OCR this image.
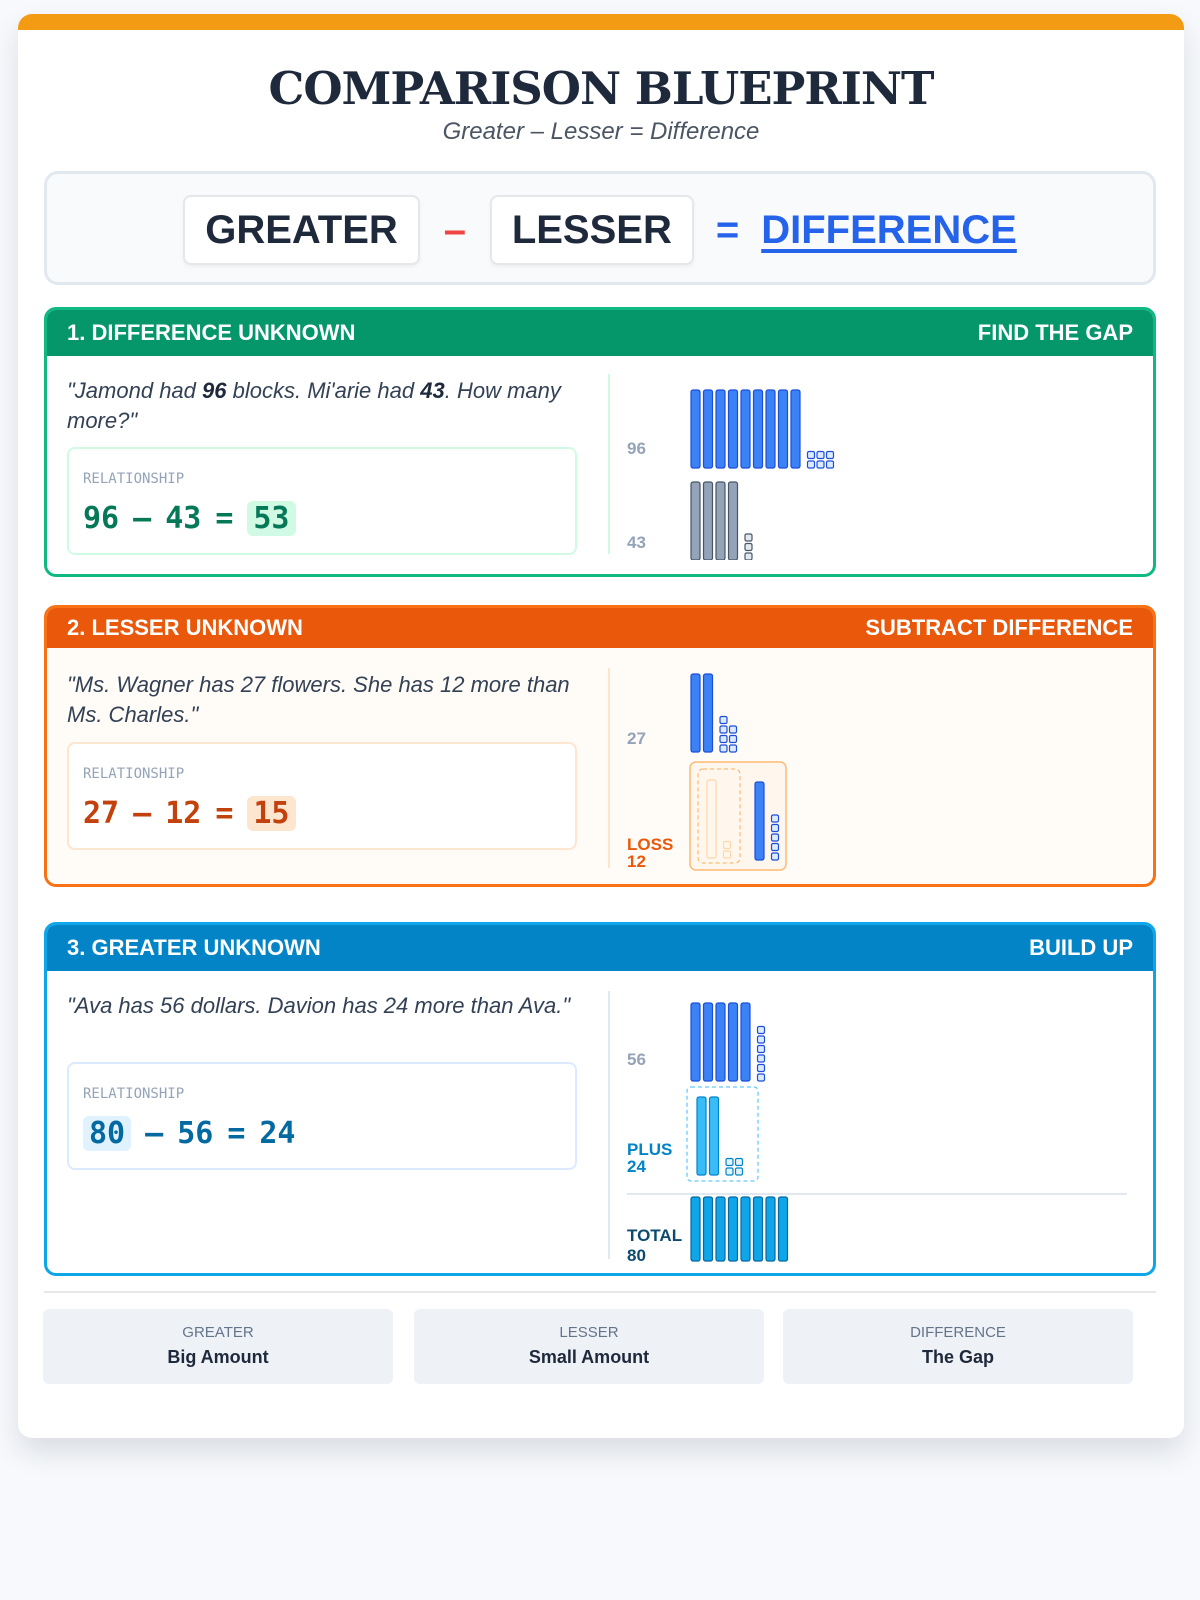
COMPARISON BLUEPRINT
Greater – Lesser = Difference
GREATER	–	LESSER	= DIFFERENCE
1. DIFFERENCE UNKNOWN	FIND THE GAP
"Jamond had 96 blocks. Mi'arie had 43. How many more?"
RELATIONSHIP
96 – 43 = 53
96
43
2. LESSER UNKNOWN	SUBTRACT DIFFERENCE
"Ms. Wagner has 27 flowers. She has 12 more than Ms. Charles."
RELATIONSHIP
27 – 12 = 15
27
LOSS
12
3. GREATER UNKNOWN	BUILD UP
"Ava has 56 dollars. Davion has 24 more than Ava."
RELATIONSHIP
80 – 56 = 24
56
PLUS
24
TOTAL
80
GREATER
Big Amount
LESSER
Small Amount
DIFFERENCE
The Gap
